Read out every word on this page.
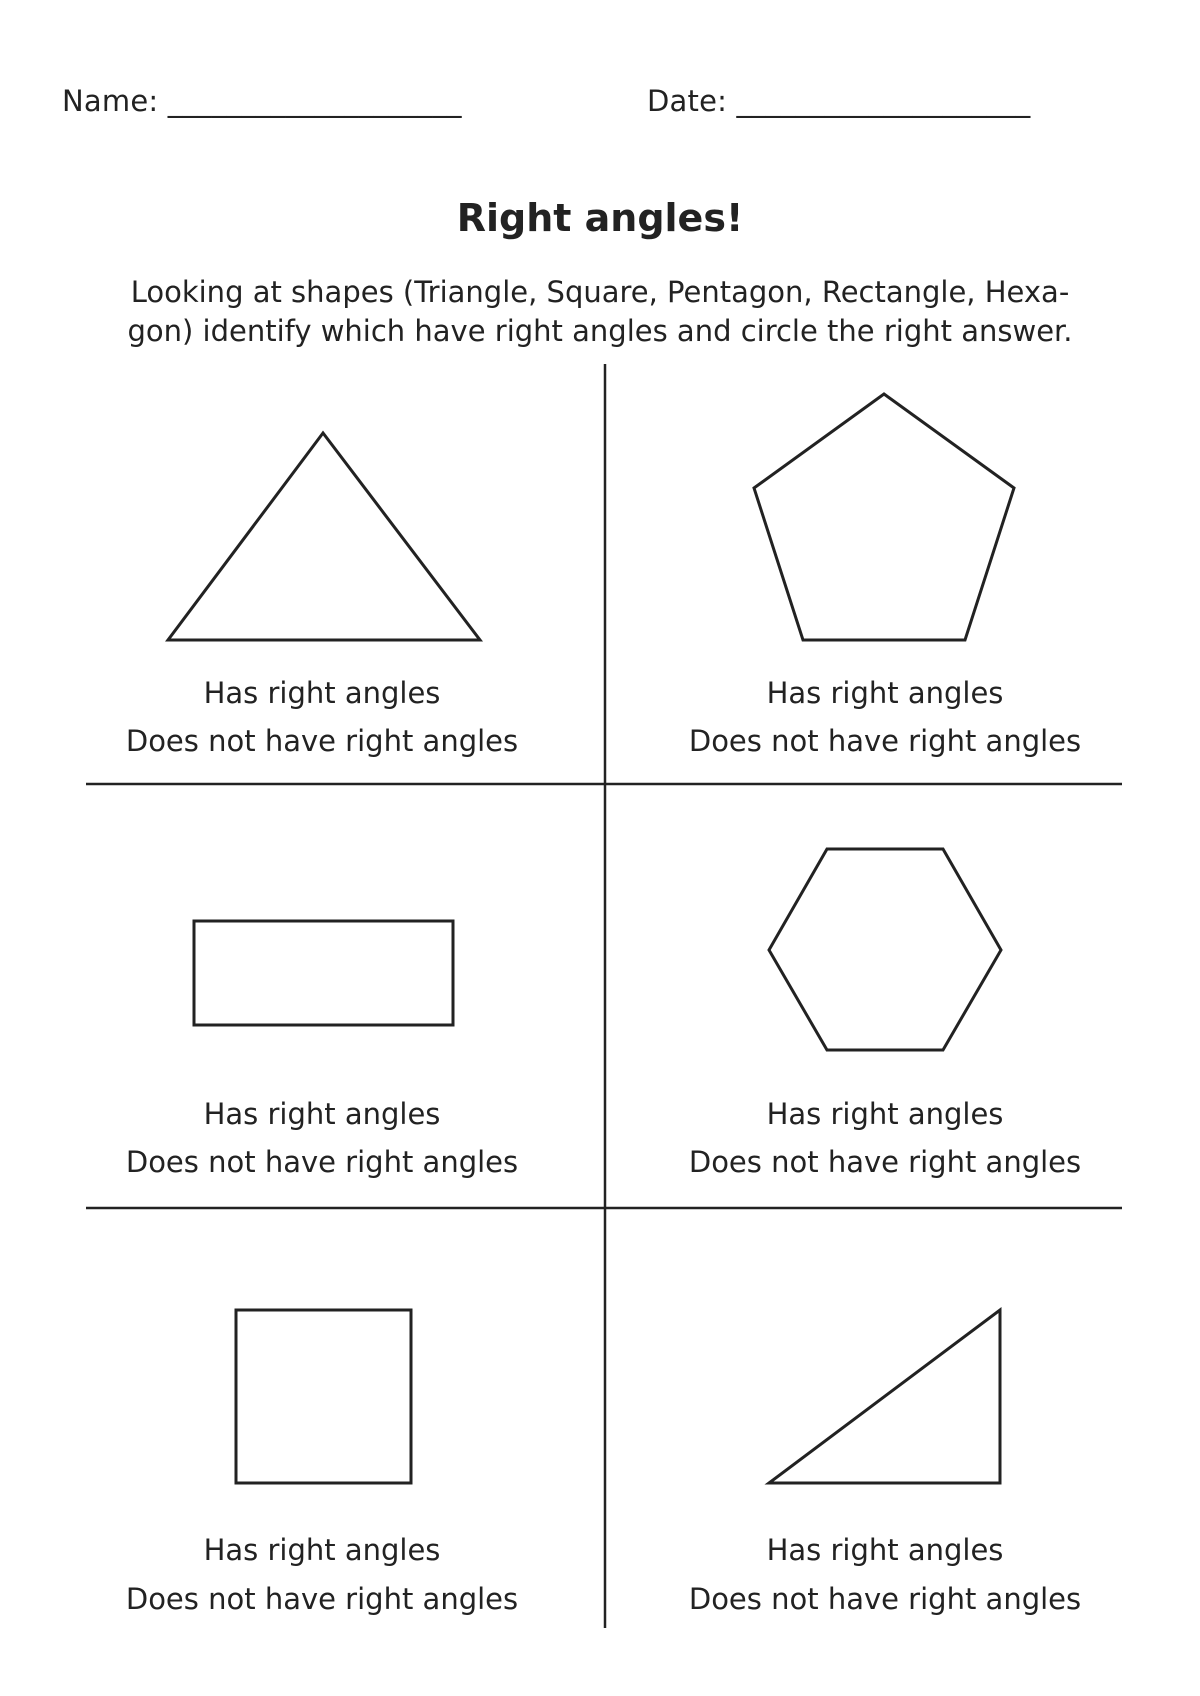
Name: ____________________	Date: ____________________
Right angles!
Looking at shapes (Triangle, Square, Pentagon, Rectangle, Hexa-gon) identify which have right angles and circle the right answer.
Has right angles
Does not have right angles
Has right angles
Does not have right angles
Has right angles
Does not have right angles
Has right angles
Does not have right angles
Has right angles
Does not have right angles
Has right angles
Does not have right angles
